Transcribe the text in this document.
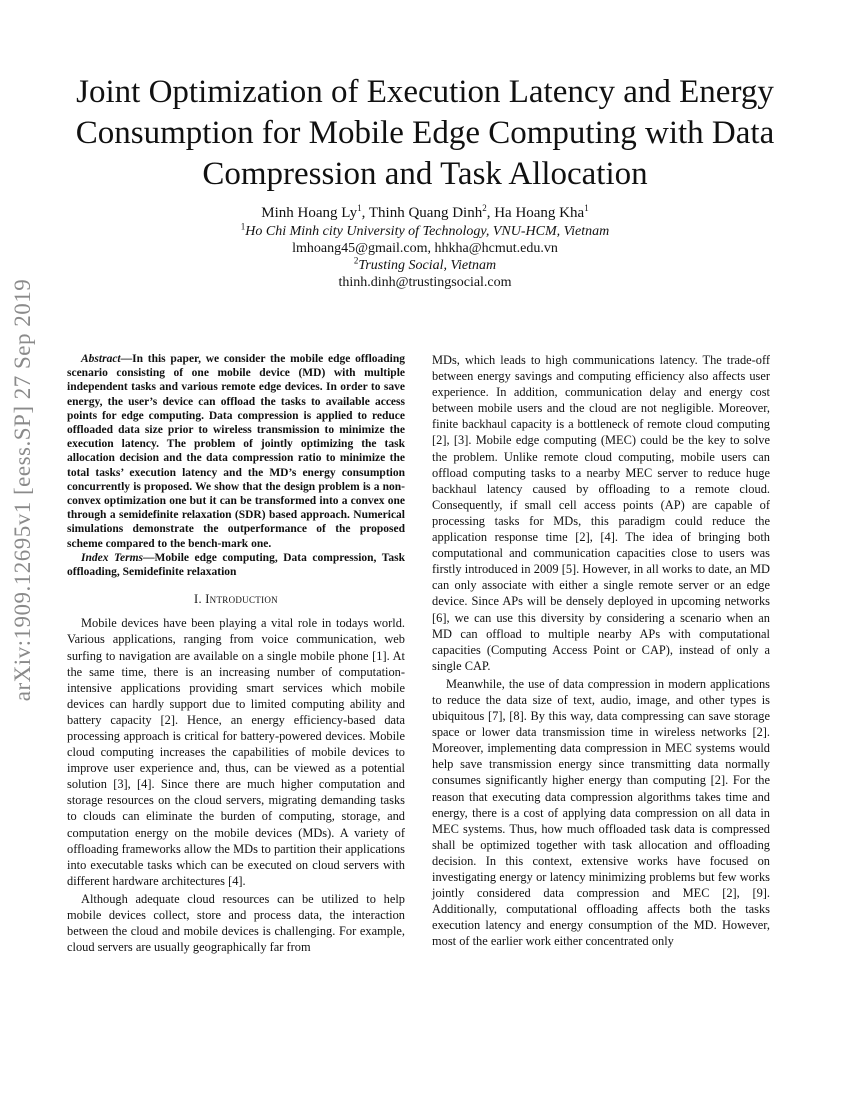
arXiv:1909.12695v1 [eess.SP] 27 Sep 2019
Joint Optimization of Execution Latency and Energy Consumption for Mobile Edge Computing with Data Compression and Task Allocation
Minh Hoang Ly$^1$, Thinh Quang Dinh$^2$, Ha Hoang Kha$^1$
$^1$Ho Chi Minh city University of Technology, VNU-HCM, Vietnam
lmhoang45@gmail.com, hhkha@hcmut.edu.vn
$^2$Trusting Social, Vietnam
thinh.dinh@trustingsocial.com

Abstract—In this paper, we consider the mobile edge offloading scenario consisting of one mobile device (MD) with multiple independent tasks and various remote edge devices. In order to save energy, the user’s device can offload the tasks to available access points for edge computing. Data compression is applied to reduce offloaded data size prior to wireless transmission to minimize the execution latency. The problem of jointly optimizing the task allocation decision and the data compression ratio to minimize the total tasks’ execution latency and the MD’s energy consumption concurrently is proposed. We show that the design problem is a non-convex optimization one but it can be transformed into a convex one through a semidefinite relaxation (SDR) based approach. Numerical simulations demonstrate the outperformance of the proposed scheme compared to the bench-mark one.

Index Terms—Mobile edge computing, Data compression, Task offloading, Semidefinite relaxation

I. Introduction

Mobile devices have been playing a vital role in todays world. Various applications, ranging from voice communication, web surfing to navigation are available on a single mobile phone [1]. At the same time, there is an increasing number of computation-intensive applications providing smart services which mobile devices can hardly support due to limited computing ability and battery capacity [2]. Hence, an energy efficiency-based data processing approach is critical for battery-powered devices. Mobile cloud computing increases the capabilities of mobile devices to improve user experience and, thus, can be viewed as a potential solution [3], [4]. Since there are much higher computation and storage resources on the cloud servers, migrating demanding tasks to clouds can eliminate the burden of computing, storage, and computation energy on the mobile devices (MDs). A variety of offloading frameworks allow the MDs to partition their applications into executable tasks which can be executed on cloud servers with different hardware architectures [4].

Although adequate cloud resources can be utilized to help mobile devices collect, store and process data, the interaction between the cloud and mobile devices is challenging. For example, cloud servers are usually geographically far from

MDs, which leads to high communications latency. The trade-off between energy savings and computing efficiency also affects user experience. In addition, communication delay and energy cost between mobile users and the cloud are not negligible. Moreover, finite backhaul capacity is a bottleneck of remote cloud computing [2], [3]. Mobile edge computing (MEC) could be the key to solve the problem. Unlike remote cloud computing, mobile users can offload computing tasks to a nearby MEC server to reduce huge backhaul latency caused by offloading to a remote cloud. Consequently, if small cell access points (AP) are capable of processing tasks for MDs, this paradigm could reduce the application response time [2], [4]. The idea of bringing both computational and communication capacities close to users was firstly introduced in 2009 [5]. However, in all works to date, an MD can only associate with either a single remote server or an edge device. Since APs will be densely deployed in upcoming networks [6], we can use this diversity by considering a scenario when an MD can offload to multiple nearby APs with computational capacities (Computing Access Point or CAP), instead of only a single CAP.

Meanwhile, the use of data compression in modern applications to reduce the data size of text, audio, image, and other types is ubiquitous [7], [8]. By this way, data compressing can save storage space or lower data transmission time in wireless networks [2]. Moreover, implementing data compression in MEC systems would help save transmission energy since transmitting data normally consumes significantly higher energy than computing [2]. For the reason that executing data compression algorithms takes time and energy, there is a cost of applying data compression on all data in MEC systems. Thus, how much offloaded task data is compressed shall be optimized together with task allocation and offloading decision. In this context, extensive works have focused on investigating energy or latency minimizing problems but few works jointly considered data compression and MEC [2], [9]. Additionally, computational offloading affects both the tasks execution latency and energy consumption of the MD. However, most of the earlier work either concentrated only
